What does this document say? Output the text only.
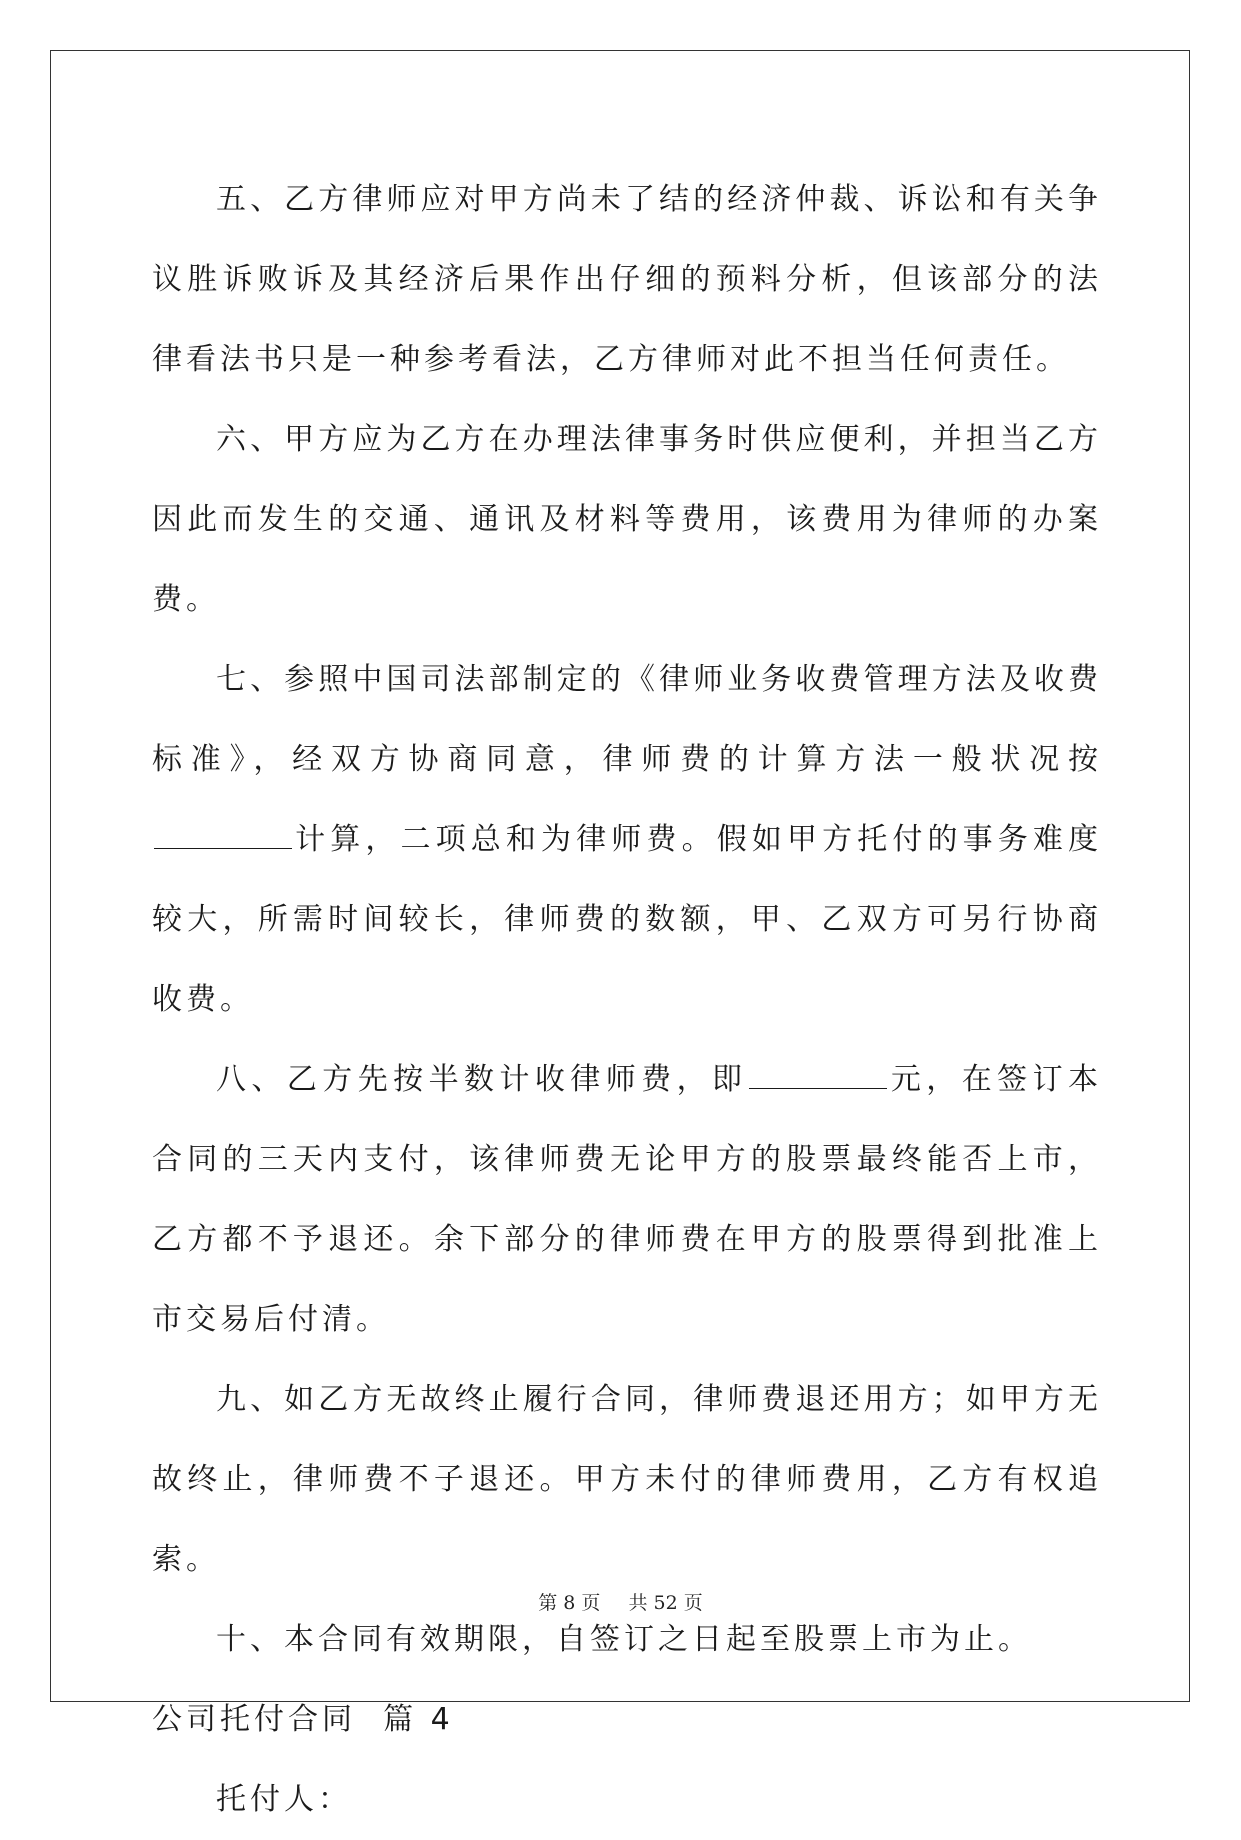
五、乙方律师应对甲方尚未了结的经济仲裁、诉讼和有关争议胜诉败诉及其经济后果作出仔细的预料分析，但该部分的法律看法书只是一种参考看法，乙方律师对此不担当任何责任。

六、甲方应为乙方在办理法律事务时供应便利，并担当乙方因此而发生的交通、通讯及材料等费用，该费用为律师的办案费。

七、参照中国司法部制定的《律师业务收费管理方法及收费标准》，经双方协商同意，律师费的计算方法一般状况按计算，二项总和为律师费。假如甲方托付的事务难度较大，所需时间较长，律师费的数额，甲、乙双方可另行协商收费。

八、乙方先按半数计收律师费，即	元，在签订本合同的三天内支付，该律师费无论甲方的股票最终能否上市，乙方都不予退还。余下部分的律师费在甲方的股票得到批准上市交易后付清。

九、如乙方无故终止履行合同，律师费退还用方；如甲方无故终止，律师费不子退还。甲方未付的律师费用，乙方有权追索。

十、本合同有效期限，自签订之日起至股票上市为止。

公司托付合同  篇 4

托付人：

第 8 页 共 52 页
